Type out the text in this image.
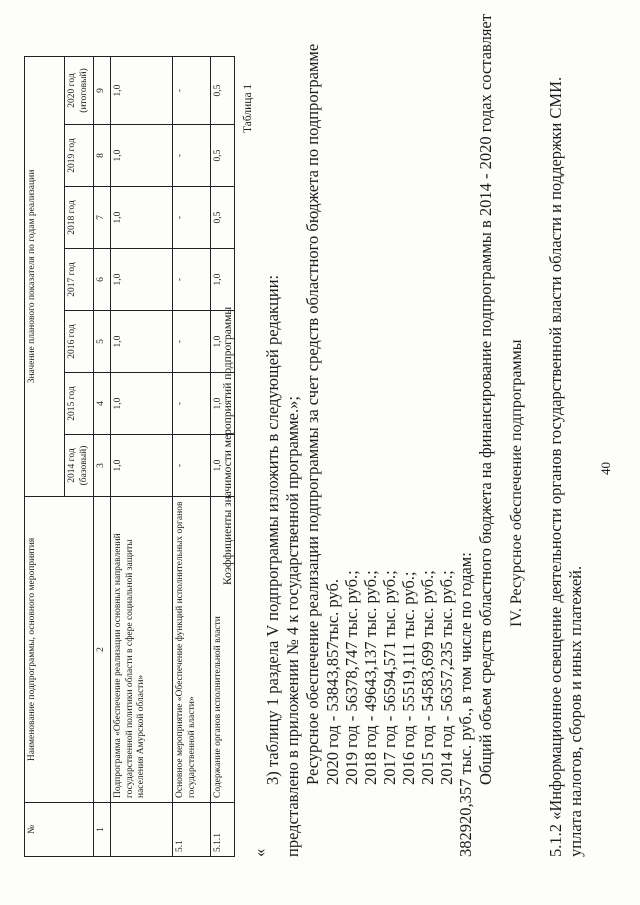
40
уплата налогов, сборов и иных платежей.
5.1.2 «Информационное освещение деятельности органов государственной власти области и поддержки СМИ.
IV. Ресурсное обеспечение подпрограммы
Общий объем средств областного бюджета на финансирование подпрограммы в 2014 - 2020 годах составляет
382920,357 тыс. руб., в том числе по годам:
2014 год - 56357,235 тыс. руб.;
2015 год - 54583,699 тыс. руб.;
2016 год - 55519,111 тыс. руб.;
2017 год - 56594,571 тыс. руб.;
2018 год - 49643,137 тыс. руб.;
2019 год - 56378,747 тыс. руб.;
2020 год - 53843,857тыс. руб.
Ресурсное обеспечение реализации подпрограммы за счет средств областного бюджета по подпрограмме
представлено в приложении № 4 к государственной программе.»;
3) таблицу 1 раздела V подпрограммы изложить в следующей редакции:
«
Таблица 1
Коэффициенты значимости мероприятий подпрограммы
№	Наименование подпрограммы, основного мероприятия	Значение планового показателя по годам реализации						
		2014 год (базовый)	2015 год	2016 год	2017 год	2018 год	2019 год	2020 год (итоговый)
1	2	3	4	5	6	7	8	9
	Подпрограмма «Обеспечение реализации основных направлений государственной политики области в сфере социальной защиты населения Амурской области»	1,0	1,0	1,0	1,0	1,0	1,0	1,0
5.1	Основное мероприятие «Обеспечение функций исполнительных органов государственной власти»	-	-	-	-	-	-	-
5.1.1	Содержание органов исполнительной власти	1,0	1,0	1,0	1,0	0,5	0,5	0,5
